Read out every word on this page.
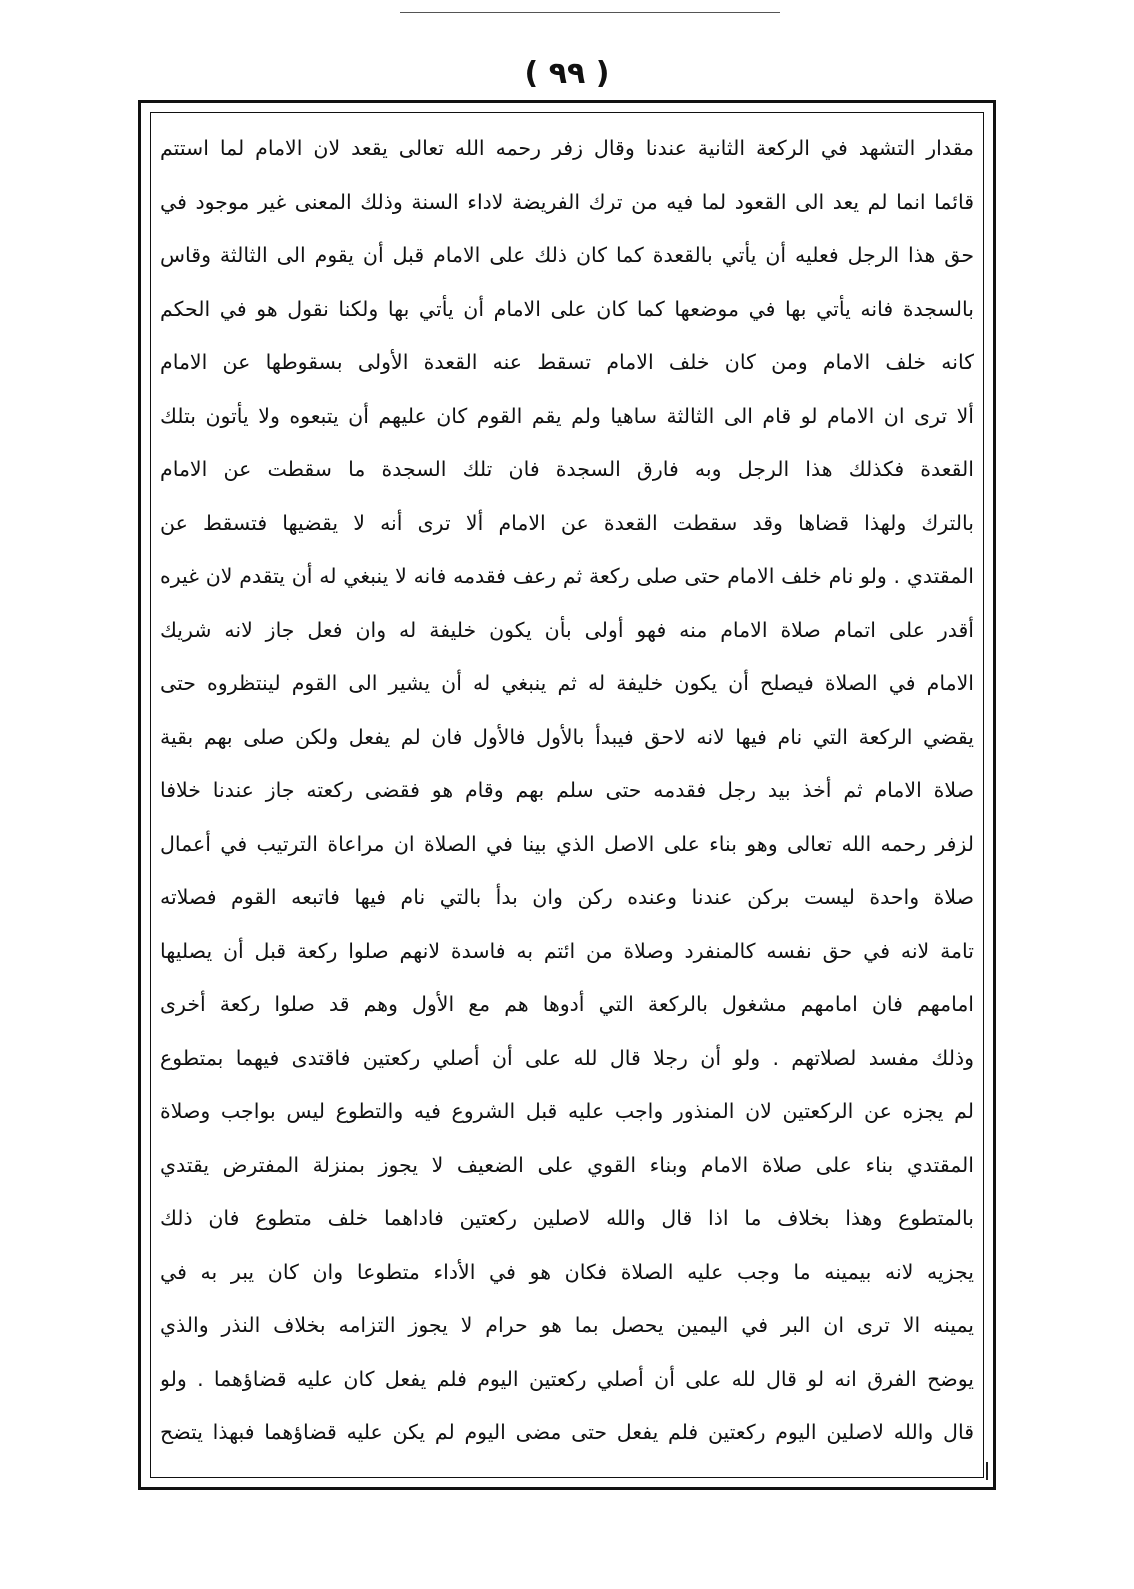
( ٩٩ )
مقدار التشهد في الركعة الثانية عندنا وقال زفر رحمه الله تعالى يقعد لان الامام لما استتم
قائما انما لم يعد الى القعود لما فيه من ترك الفريضة لاداء السنة وذلك المعنى غير موجود في
حق هذا الرجل فعليه أن يأتي بالقعدة كما كان ذلك على الامام قبل أن يقوم الى الثالثة وقاس
بالسجدة فانه يأتي بها في موضعها كما كان على الامام أن يأتي بها ولكنا نقول هو في الحكم
كانه خلف الامام ومن كان خلف الامام تسقط عنه القعدة الأولى بسقوطها عن الامام
ألا ترى ان الامام لو قام الى الثالثة ساهيا ولم يقم القوم كان عليهم أن يتبعوه ولا يأتون بتلك
القعدة فكذلك هذا الرجل وبه فارق السجدة فان تلك السجدة ما سقطت عن الامام
بالترك ولهذا قضاها وقد سقطت القعدة عن الامام ألا ترى أنه لا يقضيها فتسقط عن
المقتدي . ولو نام خلف الامام حتى صلى ركعة ثم رعف فقدمه فانه لا ينبغي له أن يتقدم لان غيره
أقدر على اتمام صلاة الامام منه فهو أولى بأن يكون خليفة له وان فعل جاز لانه شريك
الامام في الصلاة فيصلح أن يكون خليفة له ثم ينبغي له أن يشير الى القوم لينتظروه حتى
يقضي الركعة التي نام فيها لانه لاحق فيبدأ بالأول فالأول فان لم يفعل ولكن صلى بهم بقية
صلاة الامام ثم أخذ بيد رجل فقدمه حتى سلم بهم وقام هو فقضى ركعته جاز عندنا خلافا
لزفر رحمه الله تعالى وهو بناء على الاصل الذي بينا في الصلاة ان مراعاة الترتيب في أعمال
صلاة واحدة ليست بركن عندنا وعنده ركن وان بدأ بالتي نام فيها فاتبعه القوم فصلاته
تامة لانه في حق نفسه كالمنفرد وصلاة من ائتم به فاسدة لانهم صلوا ركعة قبل أن يصليها
امامهم فان امامهم مشغول بالركعة التي أدوها هم مع الأول وهم قد صلوا ركعة أخرى
وذلك مفسد لصلاتهم . ولو أن رجلا قال لله على أن أصلي ركعتين فاقتدى فيهما بمتطوع
لم يجزه عن الركعتين لان المنذور واجب عليه قبل الشروع فيه والتطوع ليس بواجب وصلاة
المقتدي بناء على صلاة الامام وبناء القوي على الضعيف لا يجوز بمنزلة المفترض يقتدي
بالمتطوع وهذا بخلاف ما اذا قال والله لاصلين ركعتين فاداهما خلف متطوع فان ذلك
يجزيه لانه بيمينه ما وجب عليه الصلاة فكان هو في الأداء متطوعا وان كان يبر به في
يمينه الا ترى ان البر في اليمين يحصل بما هو حرام لا يجوز التزامه بخلاف النذر والذي
يوضح الفرق انه لو قال لله على أن أصلي ركعتين اليوم فلم يفعل كان عليه قضاؤهما . ولو
قال والله لاصلين اليوم ركعتين فلم يفعل حتى مضى اليوم لم يكن عليه قضاؤهما فبهذا يتضح
